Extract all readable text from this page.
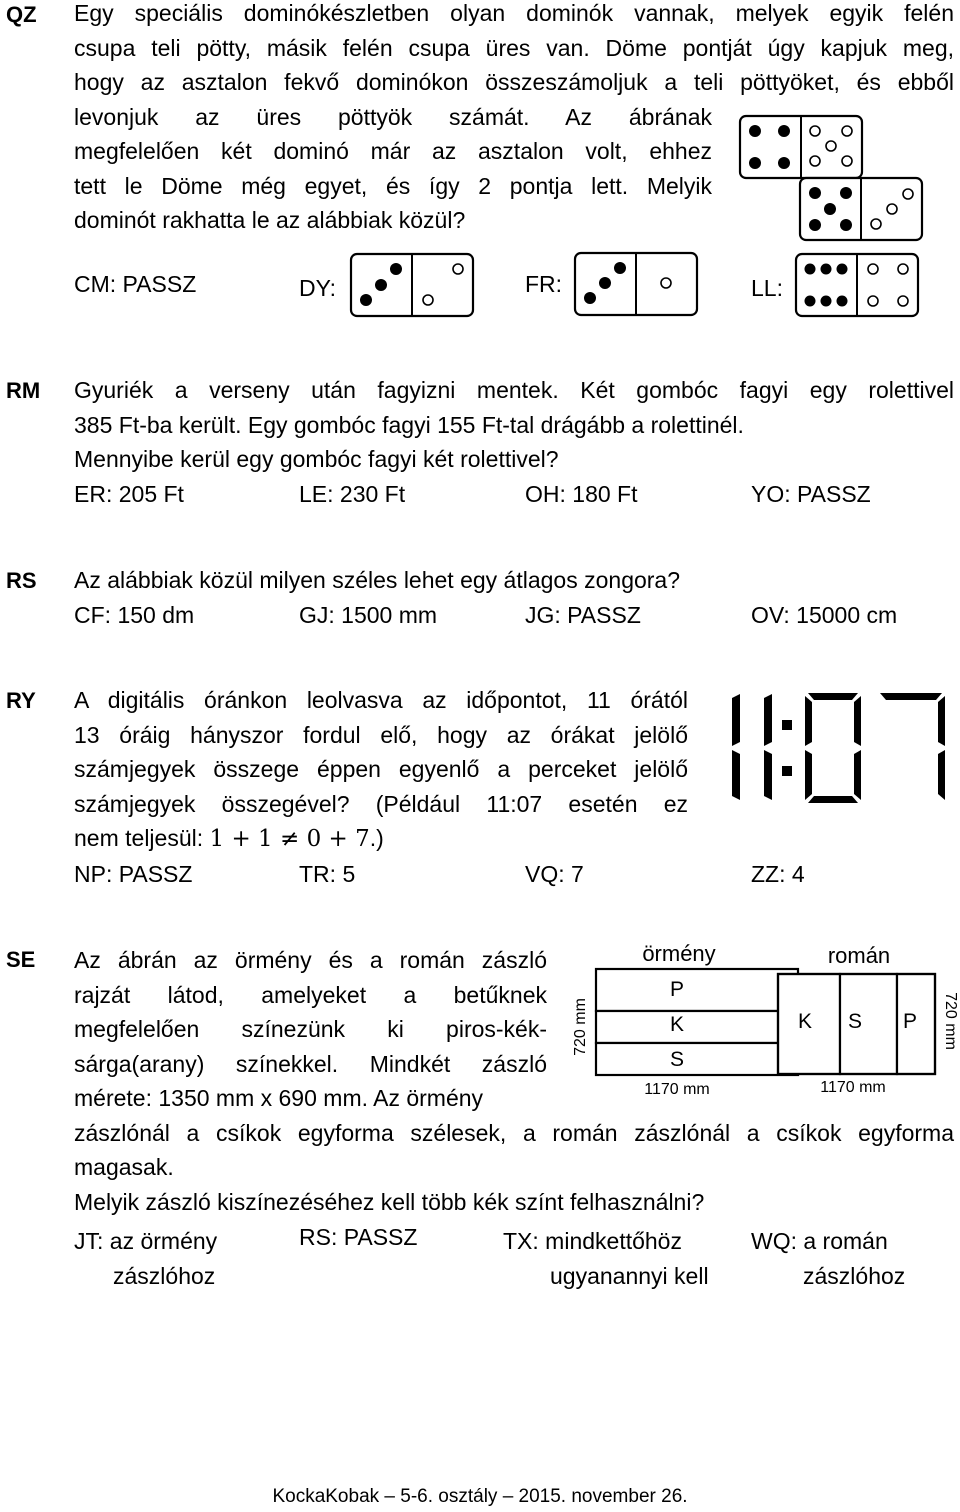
QZ Egy speciális dominókészletben olyan dominók vannak, melyek egyik felén
csupa teli pötty, másik felén csupa üres van. Döme pontját úgy kapjuk meg,
hogy az asztalon fekvő dominókon összeszámoljuk a teli pöttyöket, és ebből
levonjuk az üres pöttyök számát. Az ábrának
megfelelően két dominó már az asztalon volt, ehhez
tett le Döme még egyet, és így 2 pontja lett. Melyik
dominót rakhatta le az alábbiak közül?
CM: PASSZ	DY:	FR:	LL:
RM Gyuriék a verseny után fagyizni mentek. Két gombóc fagyi egy rolettivel
385 Ft-ba került. Egy gombóc fagyi 155 Ft-tal drágább a rolettinél.
Mennyibe kerül egy gombóc fagyi két rolettivel?
ER: 205 Ft	LE: 230 Ft	OH: 180 Ft	YO: PASSZ
RS Az alábbiak közül milyen széles lehet egy átlagos zongora?
CF: 150 dm	GJ: 1500 mm	JG: PASSZ	OV: 15000 cm
RY A digitális óránkon leolvasva az időpontot, 11 órától
13 óráig hányszor fordul elő, hogy az órákat jelölő
számjegyek összege éppen egyenlő a perceket jelölő
számjegyek összegével? (Például 11:07 esetén ez
nem teljesül: 1 + 1 ≠ 0 + 7.)
NP: PASSZ	TR: 5	VQ: 7	ZZ: 4
SE Az ábrán az örmény és a román zászló
rajzát látod, amelyeket a betűknek
megfelelően színezünk ki piros-kék-
sárga(arany) színekkel. Mindkét zászló
mérete: 1350 mm x 690 mm. Az örmény
zászlónál a csíkok egyforma szélesek, a román zászlónál a csíkok egyforma
magasak.
Melyik zászló kiszínezéséhez kell több kék színt felhasználni?
örmény
P
K
S
720 mm
1170 mm
román
K S P 720 mm
1170 mm
JT: az örmény
zászlóhoz
RS: PASSZ	TX: mindkettőhöz
ugyanannyi kell
WQ: a román
zászlóhoz
KockaKobak – 5-6. osztály – 2015. november 26.
